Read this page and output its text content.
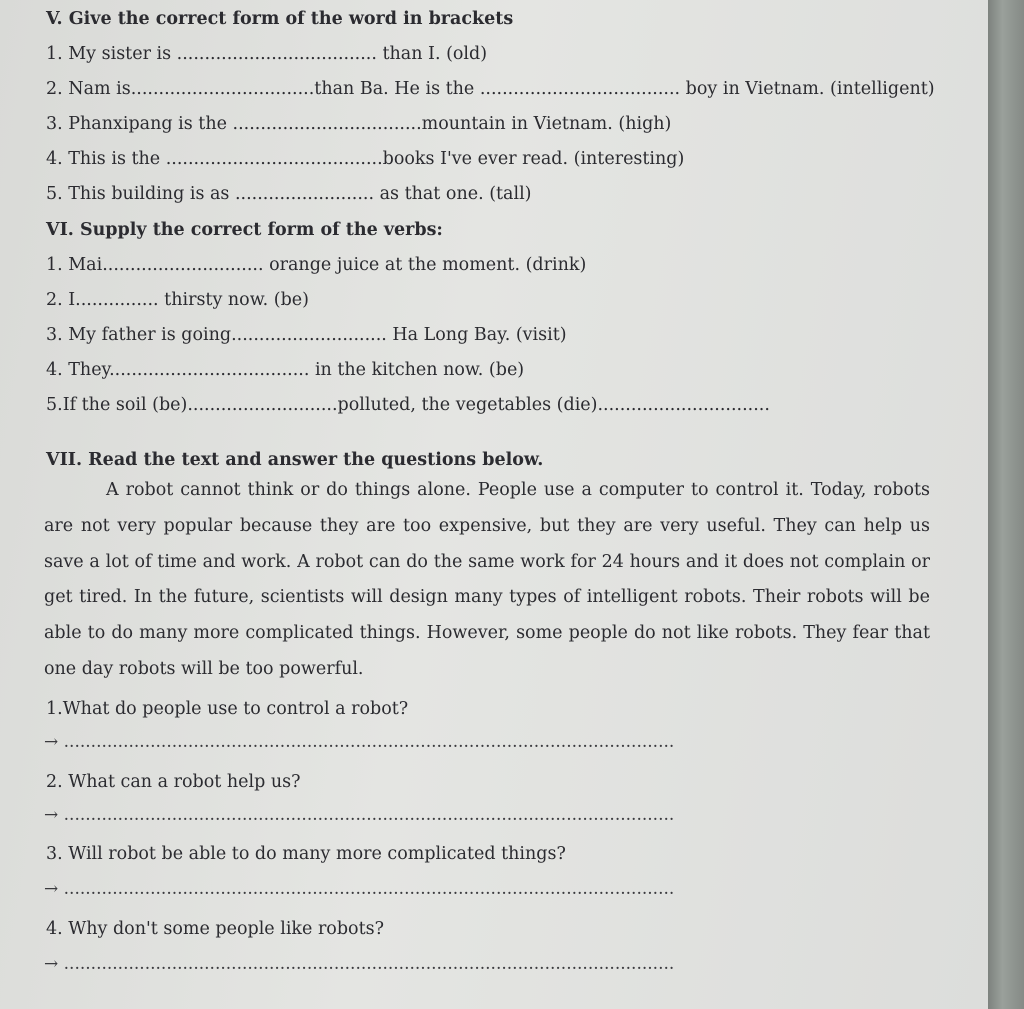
V. Give the correct form of the word in brackets
1. My sister is .................................... than I. (old)
2. Nam is.................................than Ba. He is the .................................... boy in Vietnam. (intelligent)
3. Phanxipang is the ..................................mountain in Vietnam. (high)
4. This is the .......................................books I've ever read. (interesting)
5. This building is as ......................... as that one. (tall)
VI. Supply the correct form of the verbs:
1. Mai............................. orange juice at the moment. (drink)
2. I............... thirsty now. (be)
3. My father is going............................ Ha Long Bay. (visit)
4. They.................................... in the kitchen now. (be)
5.If the soil (be)...........................polluted, the vegetables (die)...............................
VII. Read the text and answer the questions below.
A robot cannot think or do things alone. People use a computer to control it. Today, robots are not very popular because they are too expensive, but they are very useful. They can help us save a lot of time and work. A robot can do the same work for 24 hours and it does not complain or get tired. In the future, scientists will design many types of intelligent robots. Their robots will be able to do many more complicated things. However, some people do not like robots. They fear that one day robots will be too powerful.
1.What do people use to control a robot?
→ .................................................................................................................
2. What can a robot help us?
→ .................................................................................................................
3. Will robot be able to do many more complicated things?
→ .................................................................................................................
4. Why don't some people like robots?
→ .................................................................................................................
